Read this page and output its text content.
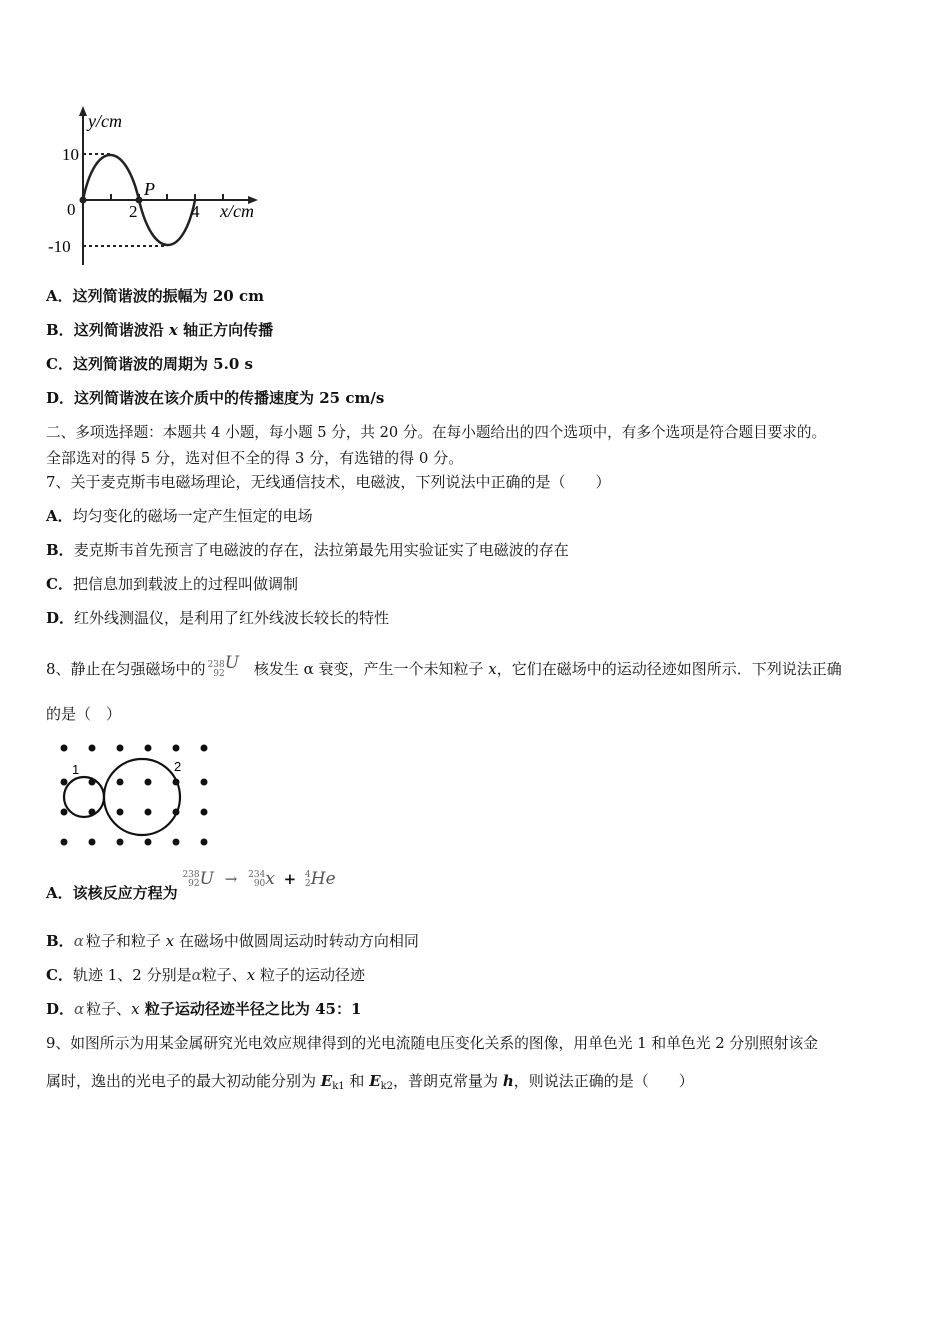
y/cm
10
-10
0	2	4 x/cm
P
A．这列简谐波的振幅为 20 cm
B．这列简谐波沿 x 轴正方向传播
C．这列简谐波的周期为 5.0 s
D．这列简谐波在该介质中的传播速度为 25 cm/s
二、多项选择题：本题共 4 小题，每小题 5 分，共 20 分。在每小题给出的四个选项中，有多个选项是符合题目要求的。
全部选对的得 5 分，选对但不全的得 3 分，有选错的得 0 分。
7、关于麦克斯韦电磁场理论，无线通信技术，电磁波，下列说法中正确的是（　　）
A．均匀变化的磁场一定产生恒定的电场
B．麦克斯韦首先预言了电磁波的存在，法拉第最先用实验证实了电磁波的存在
C．把信息加到载波上的过程叫做调制
D．红外线测温仪，是利用了红外线波长较长的特性
8、静止在匀强磁场中的 238
92
U 核发生 α 衰变，产生一个未知粒子 x，它们在磁场中的运动径迹如图所示．下列说法正确
的是（　）
1	2
A．该核反应方程为
238
92 U → 234
90 x + 4
2 He
B．α 粒子和粒子 x 在磁场中做圆周运动时转动方向相同
C．轨迹 1、2 分别是α粒子、x 粒子的运动径迹
D．α 粒子、x 粒子运动径迹半径之比为 45：1
9、如图所示为用某金属研究光电效应规律得到的光电流随电压变化关系的图像，用单色光 1 和单色光 2 分别照射该金
属时，逸出的光电子的最大初动能分别为 $E_{k1}$ 和 $E_{k2}$，普朗克常量为 h，则说法正确的是（　　）
